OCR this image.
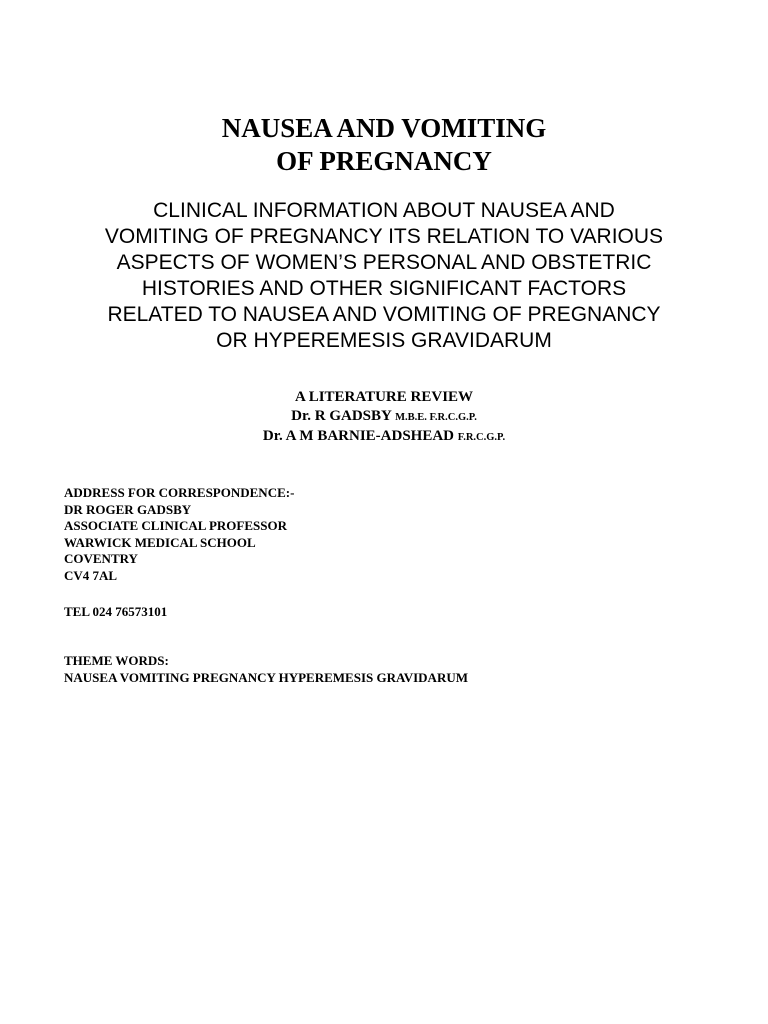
NAUSEA AND VOMITING
OF PREGNANCY
CLINICAL INFORMATION ABOUT NAUSEA AND
VOMITING OF PREGNANCY ITS RELATION TO VARIOUS
ASPECTS OF WOMEN’S PERSONAL AND OBSTETRIC
HISTORIES AND OTHER SIGNIFICANT FACTORS
RELATED TO NAUSEA AND VOMITING OF PREGNANCY
OR HYPEREMESIS GRAVIDARUM
A LITERATURE REVIEW
Dr. R GADSBY M.B.E. F.R.C.G.P.
Dr. A M BARNIE-ADSHEAD F.R.C.G.P.
ADDRESS FOR CORRESPONDENCE:-
DR ROGER GADSBY
ASSOCIATE CLINICAL PROFESSOR
WARWICK MEDICAL SCHOOL
COVENTRY
CV4 7AL
TEL 024 76573101
THEME WORDS:
NAUSEA VOMITING PREGNANCY HYPEREMESIS GRAVIDARUM
